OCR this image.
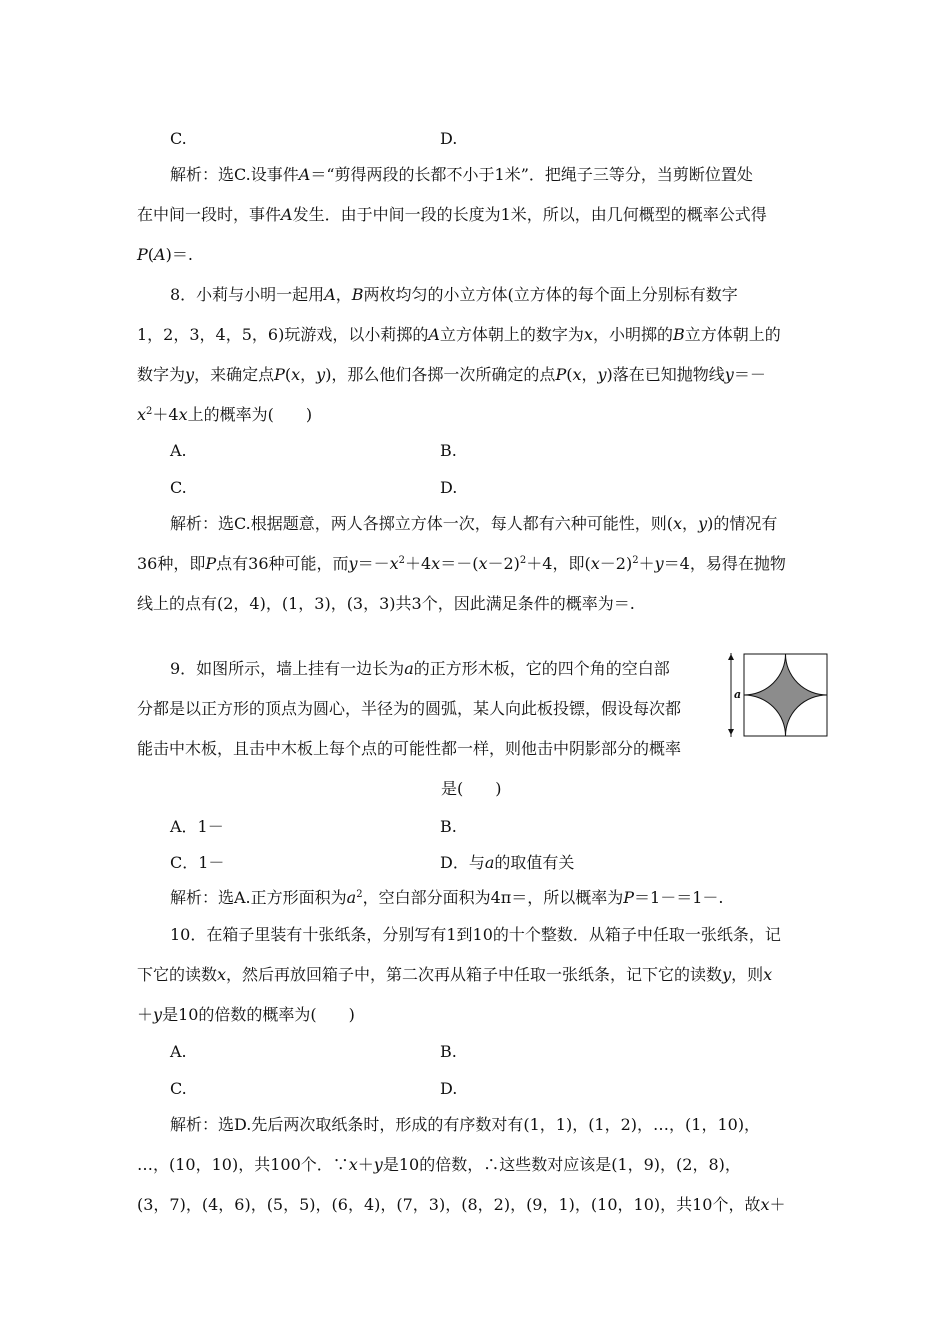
C.	D.
解析：选C.设事件A＝“剪得两段的长都不小于1米”．把绳子三等分，当剪断位置处
在中间一段时，事件A发生．由于中间一段的长度为1米，所以，由几何概型的概率公式得
P(A)＝.
8．小莉与小明一起用A，B两枚均匀的小立方体(立方体的每个面上分别标有数字
1，2，3，4，5，6)玩游戏，以小莉掷的A立方体朝上的数字为x，小明掷的B立方体朝上的
数字为y，来确定点P(x，y)，那么他们各掷一次所确定的点P(x，y)落在已知抛物线y＝－
$x^2+4x$上的概率为(　　)
A.	B.
C.	D.
解析：选C.根据题意，两人各掷立方体一次，每人都有六种可能性，则(x，y)的情况有
36种，即P点有36种可能，而$y=-x^2+4x=-(x-2)^2+4$，即$(x-2)^2+y=4$，易得在抛物
线上的点有(2，4)，(1，3)，(3，3)共3个，因此满足条件的概率为＝.
9．如图所示，墙上挂有一边长为a的正方形木板，它的四个角的空白部
分都是以正方形的顶点为圆心，半径为的圆弧，某人向此板投镖，假设每次都
能击中木板，且击中木板上每个点的可能性都一样，则他击中阴影部分的概率
是(　　)
a
A．1－	B.
C．1－	D．与a的取值有关
解析：选A.正方形面积为$a^2$，空白部分面积为4π＝，所以概率为P＝1－＝1－.
10．在箱子里装有十张纸条，分别写有1到10的十个整数．从箱子中任取一张纸条，记
下它的读数x，然后再放回箱子中，第二次再从箱子中任取一张纸条，记下它的读数y，则x
＋y是10的倍数的概率为(　　)
A.	B.
C.	D.
解析：选D.先后两次取纸条时，形成的有序数对有(1，1)，(1，2)，…，(1，10)，
…，(10，10)，共100个．∵x＋y是10的倍数，∴这些数对应该是(1，9)，(2，8)，
(3，7)，(4，6)，(5，5)，(6，4)，(7，3)，(8，2)，(9，1)，(10，10)，共10个，故x＋
